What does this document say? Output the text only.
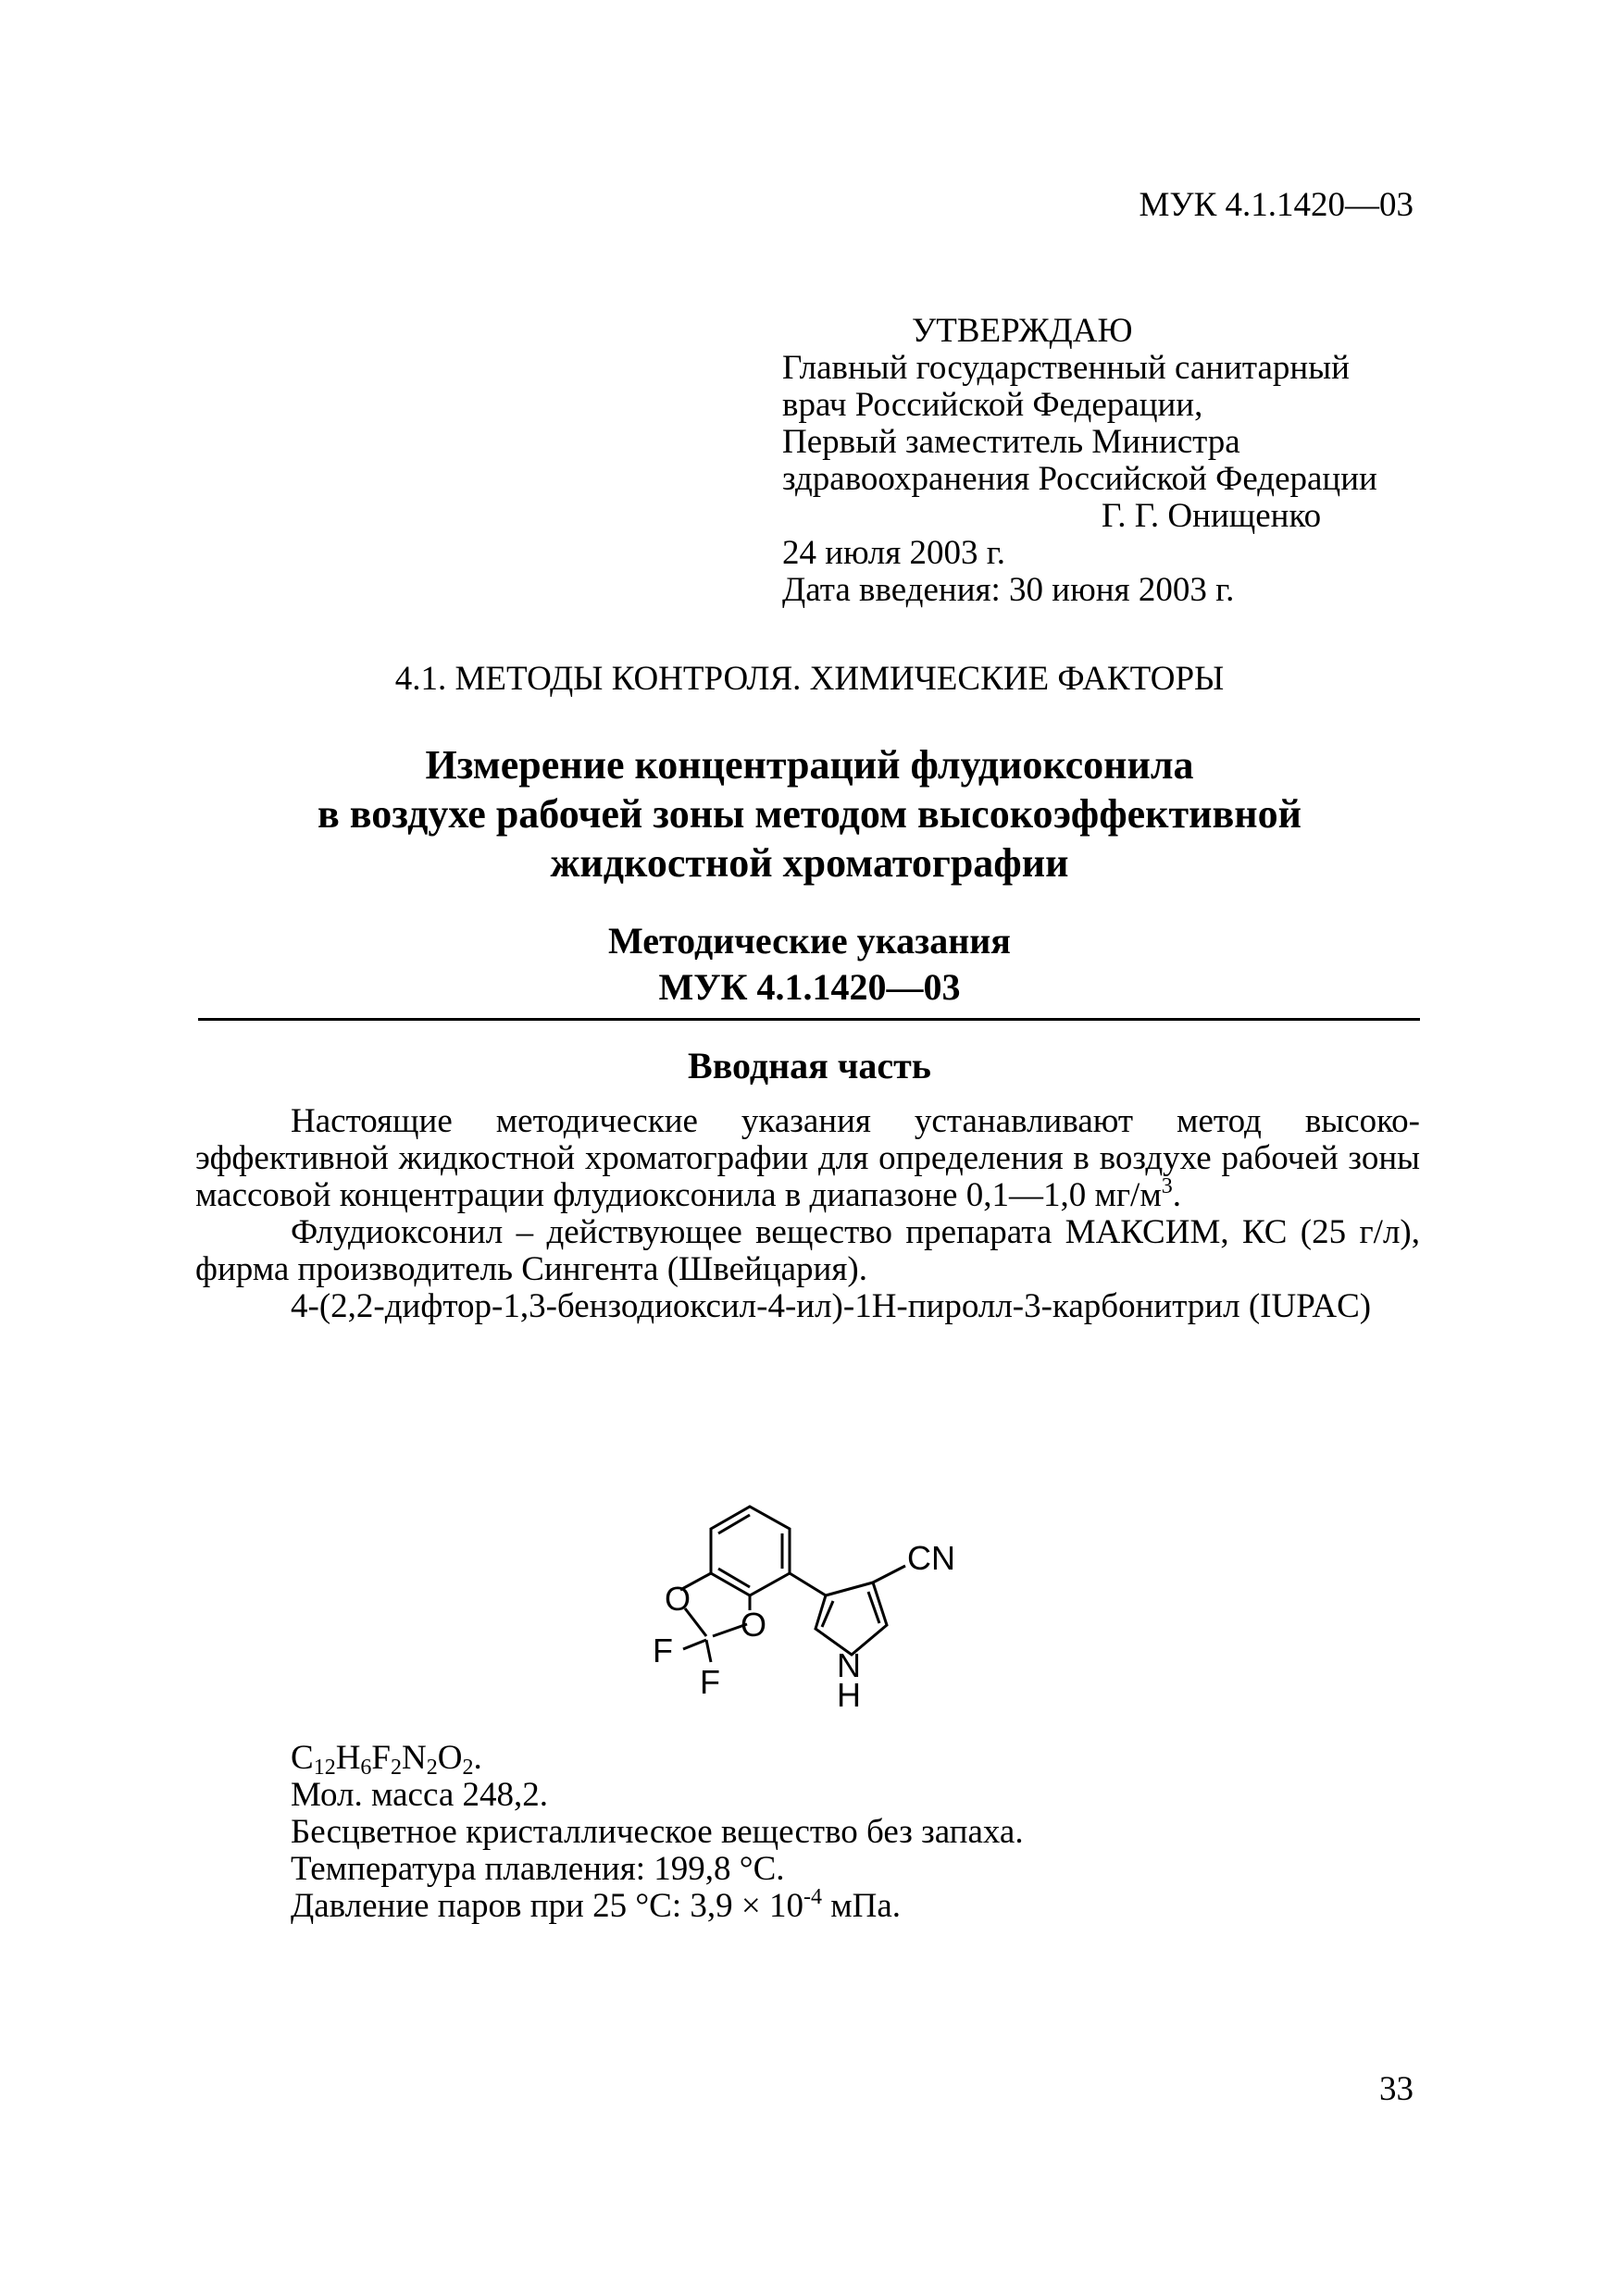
МУК 4.1.1420—03
УТВЕРЖДАЮ
Главный государственный санитарный
врач Российской Федерации,
Первый заместитель Министра
здравоохранения Российской Федерации
Г. Г. Онищенко
24 июля 2003 г.
Дата введения: 30 июня 2003 г.
4.1. МЕТОДЫ КОНТРОЛЯ. ХИМИЧЕСКИЕ ФАКТОРЫ
Измерение концентраций флудиоксонила
в воздухе рабочей зоны методом высокоэффективной
жидкостной хроматографии
Методические указания
МУК 4.1.1420—03
Вводная часть

Настоящие методические указания устанавливают метод высоко-эффективной жидкостной хроматографии для определения в воздухе рабочей зоны массовой концентрации флудиоксонила в диапазоне 0,1—1,0 $мг/м^3$.

Флудиоксонил – действующее вещество препарата МАКСИМ, КС (25 г/л), фирма производитель Сингента (Швейцария).

4-(2,2-дифтор-1,3-бензодиоксил-4-ил)-1Н-пиролл-3-карбонитрил (IUPAC)

CN
O
O
F
F	N
H
$C_{12}H_6F_2N_2O_2$.
Мол. масса 248,2.
Бесцветное кристаллическое вещество без запаха.
Температура плавления: 199,8 °С.
Давление паров при 25 °С: $3,9 \times 10^{-4}$ мПа.
33
